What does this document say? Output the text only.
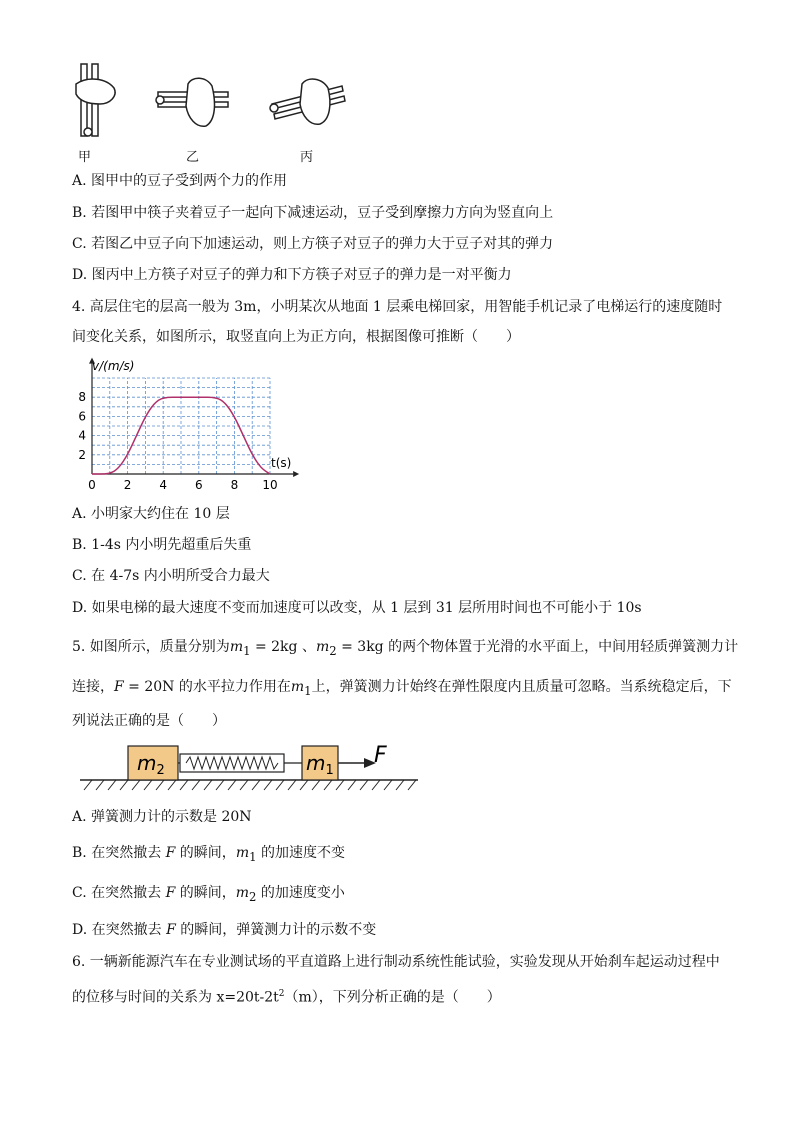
甲	乙	丙
A. 图甲中的豆子受到两个力的作用
B. 若图甲中筷子夹着豆子一起向下减速运动，豆子受到摩擦力方向为竖直向上
C. 若图乙中豆子向下加速运动，则上方筷子对豆子的弹力大于豆子对其的弹力
D. 图丙中上方筷子对豆子的弹力和下方筷子对豆子的弹力是一对平衡力
4. 高层住宅的层高一般为 3m，小明某次从地面 1 层乘电梯回家，用智能手机记录了电梯运行的速度随时
间变化关系，如图所示，取竖直向上为正方向，根据图像可推断（　　）
0 2 4 6 8 10
2
4
6
8
v/(m/s)
t(s)
A. 小明家大约住在 10 层
B. 1-4s 内小明先超重后失重
C. 在 4-7s 内小明所受合力最大
D. 如果电梯的最大速度不变而加速度可以改变，从 1 层到 31 层所用时间也不可能小于 10s
5. 如图所示，质量分别为$m_1 = 2kg$ 、$m_2 = 3kg$ 的两个物体置于光滑的水平面上，中间用轻质弹簧测力计
连接，F = 20N 的水平拉力作用在$m_1$上，弹簧测力计始终在弹性限度内且质量可忽略。当系统稳定后，下
列说法正确的是（　　）
$m_2$	$m_1$
F
A. 弹簧测力计的示数是 20N
B. 在突然撤去 F 的瞬间，$m_1$ 的加速度不变
C. 在突然撤去 F 的瞬间，$m_2$ 的加速度变小
D. 在突然撤去 F 的瞬间，弹簧测力计的示数不变
6. 一辆新能源汽车在专业测试场的平直道路上进行制动系统性能试验，实验发现从开始刹车起运动过程中
的位移与时间的关系为 $x=20t-2t^2(m)$，下列分析正确的是（　　）
